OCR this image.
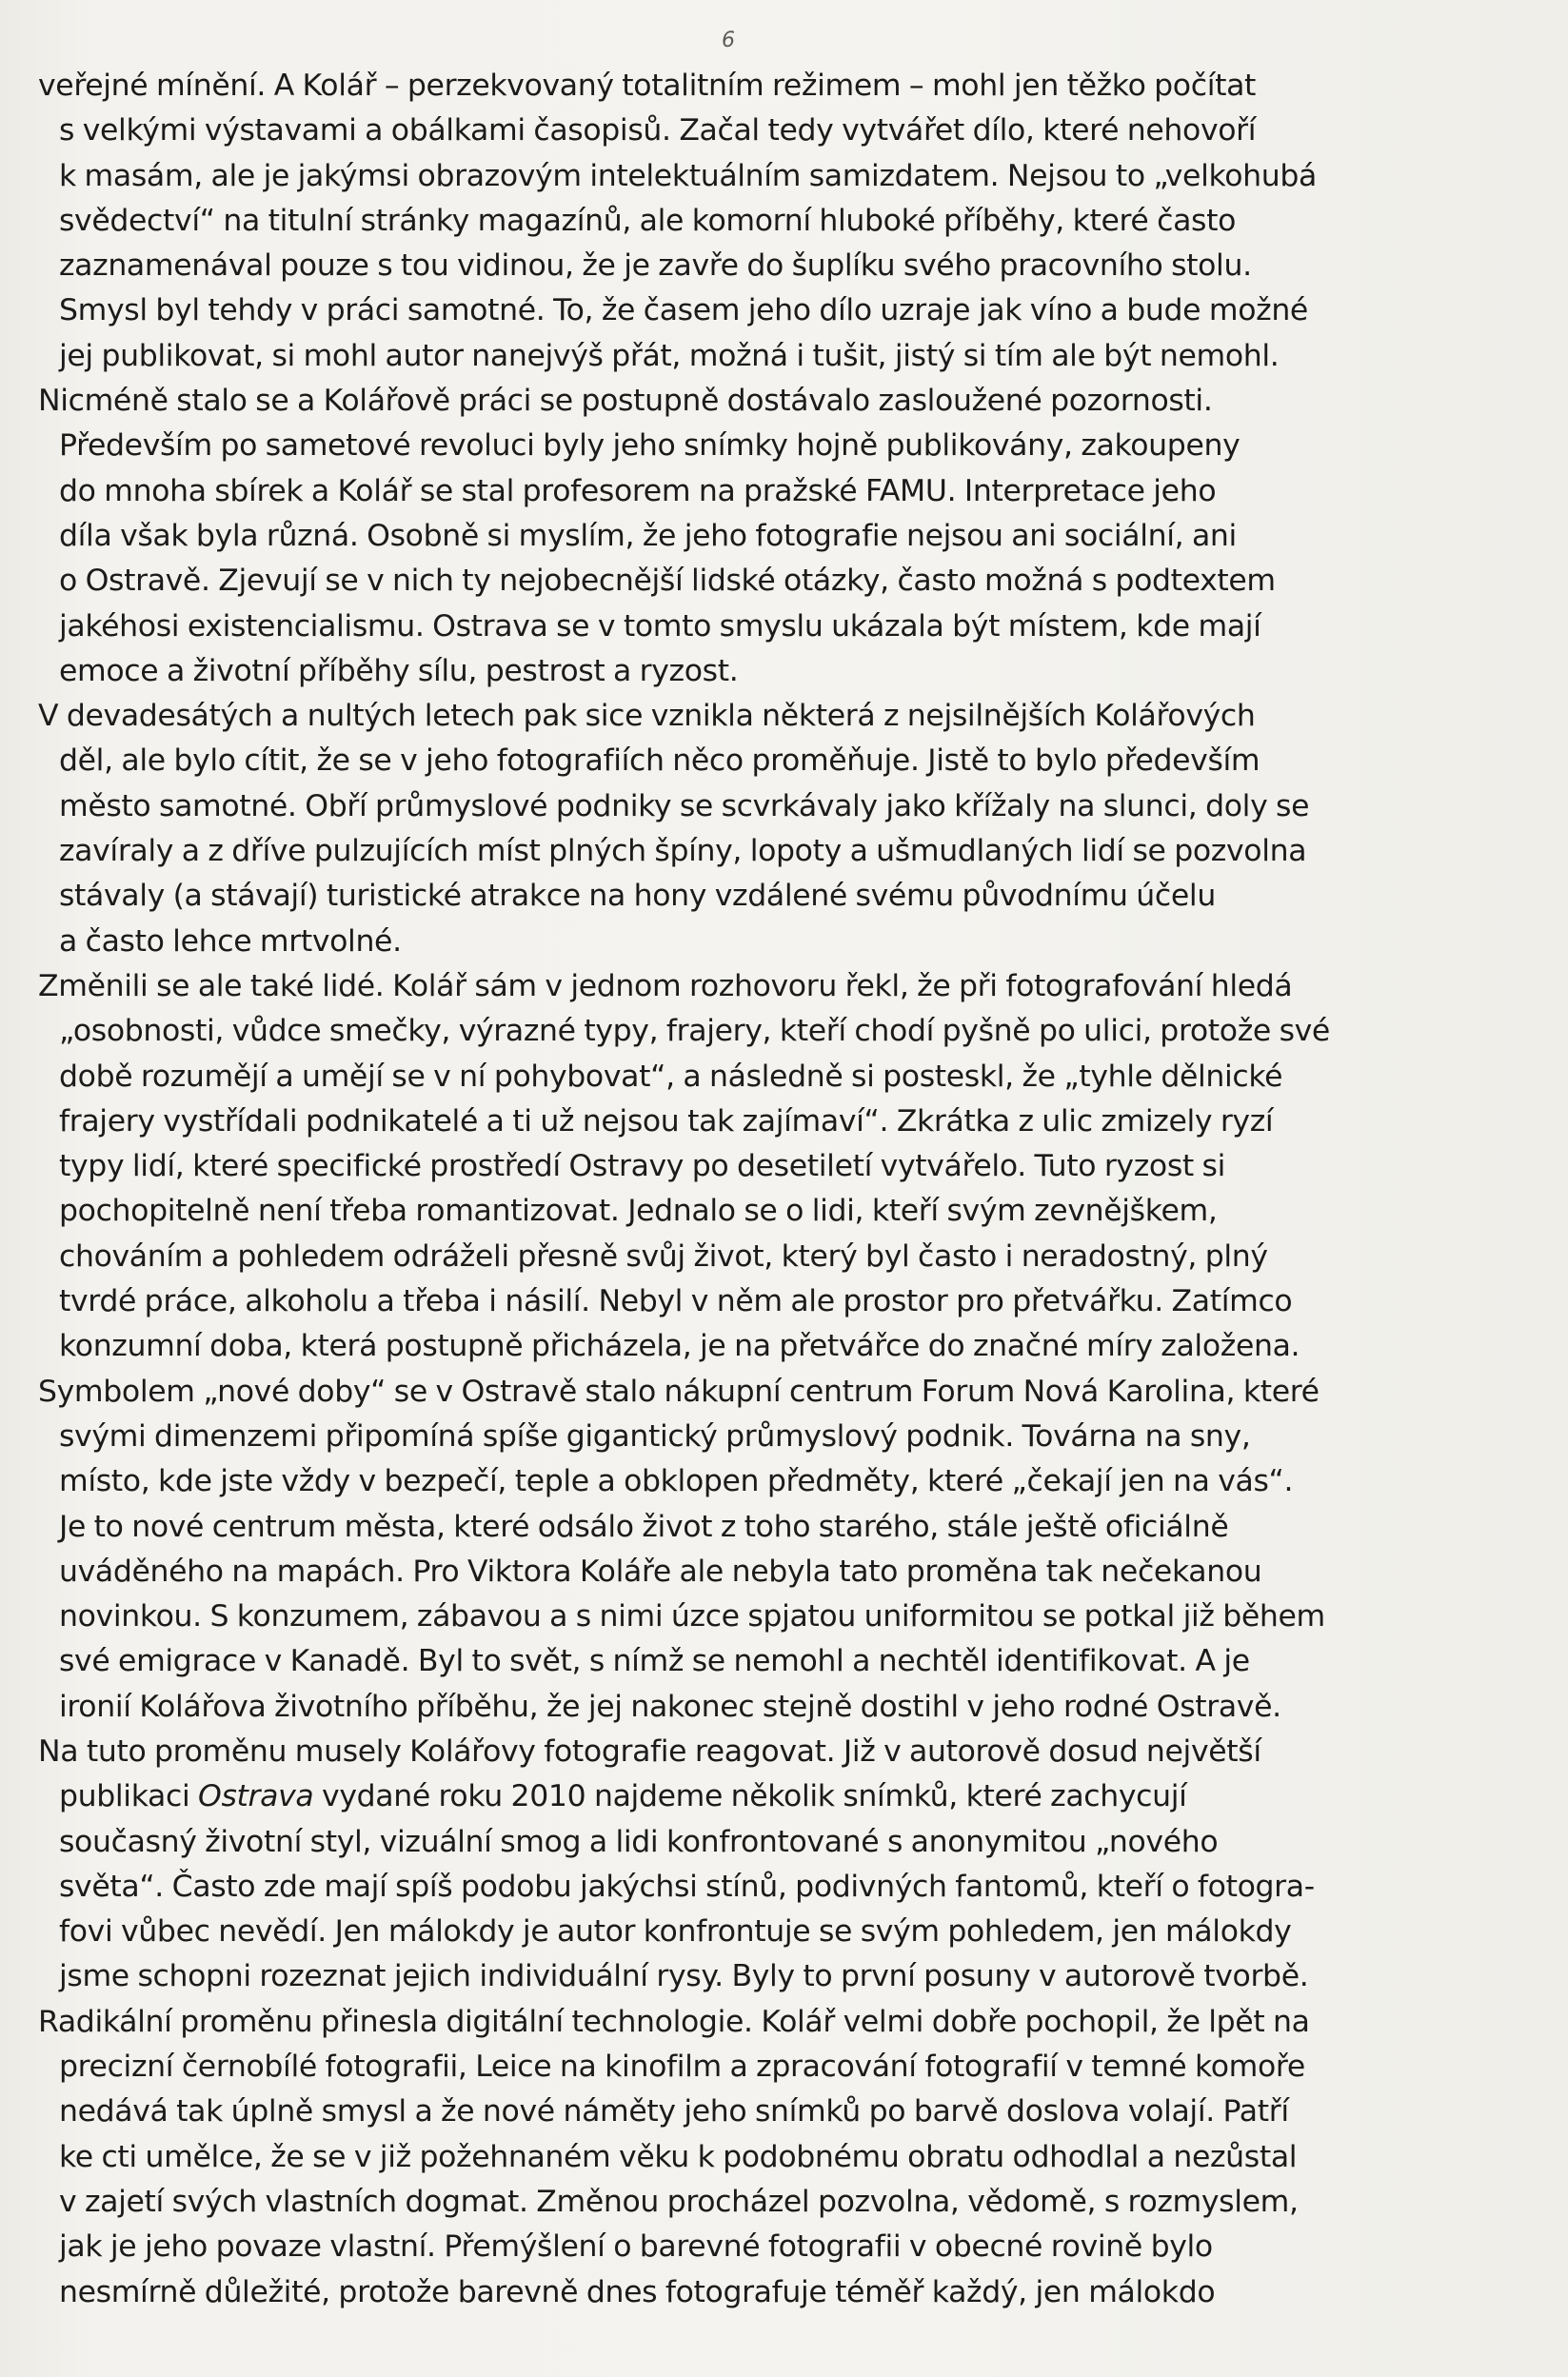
6

veřejné mínění. A Kolář – perzekvovaný totalitním režimem – mohl jen těžko počítat
s velkými výstavami a obálkami časopisů. Začal tedy vytvářet dílo, které nehovoří
k masám, ale je jakýmsi obrazovým intelektuálním samizdatem. Nejsou to „velkohubá
svědectví“ na titulní stránky magazínů, ale komorní hluboké příběhy, které často
zaznamenával pouze s tou vidinou, že je zavře do šuplíku svého pracovního stolu.
Smysl byl tehdy v práci samotné. To, že časem jeho dílo uzraje jak víno a bude možné
jej publikovat, si mohl autor nanejvýš přát, možná i tušit, jistý si tím ale být nemohl.

Nicméně stalo se a Kolářově práci se postupně dostávalo zasloužené pozornosti.
Především po sametové revoluci byly jeho snímky hojně publikovány, zakoupeny
do mnoha sbírek a Kolář se stal profesorem na pražské FAMU. Interpretace jeho
díla však byla různá. Osobně si myslím, že jeho fotografie nejsou ani sociální, ani
o Ostravě. Zjevují se v nich ty nejobecnější lidské otázky, často možná s podtextem
jakéhosi existencialismu. Ostrava se v tomto smyslu ukázala být místem, kde mají
emoce a životní příběhy sílu, pestrost a ryzost.

V devadesátých a nultých letech pak sice vznikla některá z nejsilnějších Kolářových
děl, ale bylo cítit, že se v jeho fotografiích něco proměňuje. Jistě to bylo především
město samotné. Obří průmyslové podniky se scvrkávaly jako křížaly na slunci, doly se
zavíraly a z dříve pulzujících míst plných špíny, lopoty a ušmudlaných lidí se pozvolna
stávaly (a stávají) turistické atrakce na hony vzdálené svému původnímu účelu
a často lehce mrtvolné.

Změnili se ale také lidé. Kolář sám v jednom rozhovoru řekl, že při fotografování hledá
„osobnosti, vůdce smečky, výrazné typy, frajery, kteří chodí pyšně po ulici, protože své
době rozumějí a umějí se v ní pohybovat“, a následně si posteskl, že „tyhle dělnické
frajery vystřídali podnikatelé a ti už nejsou tak zajímaví“. Zkrátka z ulic zmizely ryzí
typy lidí, které specifické prostředí Ostravy po desetiletí vytvářelo. Tuto ryzost si
pochopitelně není třeba romantizovat. Jednalo se o lidi, kteří svým zevnějškem,
chováním a pohledem odráželi přesně svůj život, který byl často i neradostný, plný
tvrdé práce, alkoholu a třeba i násilí. Nebyl v něm ale prostor pro přetvářku. Zatímco
konzumní doba, která postupně přicházela, je na přetvářce do značné míry založena.

Symbolem „nové doby“ se v Ostravě stalo nákupní centrum Forum Nová Karolina, které
svými dimenzemi připomíná spíše gigantický průmyslový podnik. Továrna na sny,
místo, kde jste vždy v bezpečí, teple a obklopen předměty, které „čekají jen na vás“.
Je to nové centrum města, které odsálo život z toho starého, stále ještě oficiálně
uváděného na mapách. Pro Viktora Koláře ale nebyla tato proměna tak nečekanou
novinkou. S konzumem, zábavou a s nimi úzce spjatou uniformitou se potkal již během
své emigrace v Kanadě. Byl to svět, s nímž se nemohl a nechtěl identifikovat. A je
ironií Kolářova životního příběhu, že jej nakonec stejně dostihl v jeho rodné Ostravě.

Na tuto proměnu musely Kolářovy fotografie reagovat. Již v autorově dosud největší
publikaci Ostrava vydané roku 2010 najdeme několik snímků, které zachycují
současný životní styl, vizuální smog a lidi konfrontované s anonymitou „nového
světa“. Často zde mají spíš podobu jakýchsi stínů, podivných fantomů, kteří o fotogra-
fovi vůbec nevědí. Jen málokdy je autor konfrontuje se svým pohledem, jen málokdy
jsme schopni rozeznat jejich individuální rysy. Byly to první posuny v autorově tvorbě.

Radikální proměnu přinesla digitální technologie. Kolář velmi dobře pochopil, že lpět na
precizní černobílé fotografii, Leice na kinofilm a zpracování fotografií v temné komoře
nedává tak úplně smysl a že nové náměty jeho snímků po barvě doslova volají. Patří
ke cti umělce, že se v již požehnaném věku k podobnému obratu odhodlal a nezůstal
v zajetí svých vlastních dogmat. Změnou procházel pozvolna, vědomě, s rozmyslem,
jak je jeho povaze vlastní. Přemýšlení o barevné fotografii v obecné rovině bylo
nesmírně důležité, protože barevně dnes fotografuje téměř každý, jen málokdo
